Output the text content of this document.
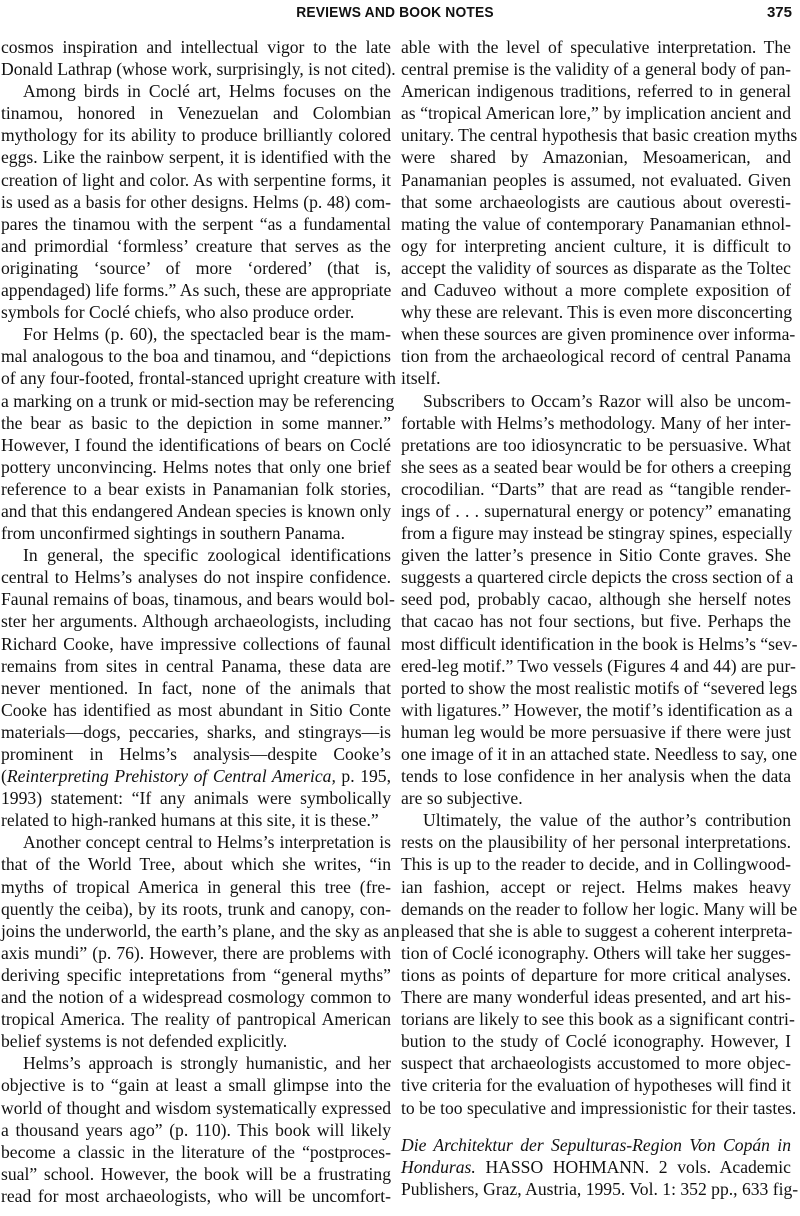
REVIEWS AND BOOK NOTES	375
cosmos inspiration and intellectual vigor to the late
Donald Lathrap (whose work, surprisingly, is not cited).
Among birds in Coclé art, Helms focuses on the
tinamou, honored in Venezuelan and Colombian
mythology for its ability to produce brilliantly colored
eggs. Like the rainbow serpent, it is identified with the
creation of light and color. As with serpentine forms, it
is used as a basis for other designs. Helms (p. 48) com-
pares the tinamou with the serpent “as a fundamental
and primordial ‘formless’ creature that serves as the
originating ‘source’ of more ‘ordered’ (that is,
appendaged) life forms.” As such, these are appropriate
symbols for Coclé chiefs, who also produce order.
For Helms (p. 60), the spectacled bear is the mam-
mal analogous to the boa and tinamou, and “depictions
of any four-footed, frontal-stanced upright creature with
a marking on a trunk or mid-section may be referencing
the bear as basic to the depiction in some manner.”
However, I found the identifications of bears on Coclé
pottery unconvincing. Helms notes that only one brief
reference to a bear exists in Panamanian folk stories,
and that this endangered Andean species is known only
from unconfirmed sightings in southern Panama.
In general, the specific zoological identifications
central to Helms’s analyses do not inspire confidence.
Faunal remains of boas, tinamous, and bears would bol-
ster her arguments. Although archaeologists, including
Richard Cooke, have impressive collections of faunal
remains from sites in central Panama, these data are
never mentioned. In fact, none of the animals that
Cooke has identified as most abundant in Sitio Conte
materials—dogs, peccaries, sharks, and stingrays—is
prominent in Helms’s analysis—despite Cooke’s
(Reinterpreting Prehistory of Central America, p. 195,
1993) statement: “If any animals were symbolically
related to high-ranked humans at this site, it is these.”
Another concept central to Helms’s interpretation is
that of the World Tree, about which she writes, “in
myths of tropical America in general this tree (fre-
quently the ceiba), by its roots, trunk and canopy, con-
joins the underworld, the earth’s plane, and the sky as an
axis mundi” (p. 76). However, there are problems with
deriving specific intepretations from “general myths”
and the notion of a widespread cosmology common to
tropical America. The reality of pantropical American
belief systems is not defended explicitly.
Helms’s approach is strongly humanistic, and her
objective is to “gain at least a small glimpse into the
world of thought and wisdom systematically expressed
a thousand years ago” (p. 110). This book will likely
become a classic in the literature of the “postproces-
sual” school. However, the book will be a frustrating
read for most archaeologists, who will be uncomfort-
able with the level of speculative interpretation. The
central premise is the validity of a general body of pan-
American indigenous traditions, referred to in general
as “tropical American lore,” by implication ancient and
unitary. The central hypothesis that basic creation myths
were shared by Amazonian, Mesoamerican, and
Panamanian peoples is assumed, not evaluated. Given
that some archaeologists are cautious about overesti-
mating the value of contemporary Panamanian ethnol-
ogy for interpreting ancient culture, it is difficult to
accept the validity of sources as disparate as the Toltec
and Caduveo without a more complete exposition of
why these are relevant. This is even more disconcerting
when these sources are given prominence over informa-
tion from the archaeological record of central Panama
itself.
Subscribers to Occam’s Razor will also be uncom-
fortable with Helms’s methodology. Many of her inter-
pretations are too idiosyncratic to be persuasive. What
she sees as a seated bear would be for others a creeping
crocodilian. “Darts” that are read as “tangible render-
ings of . . . supernatural energy or potency” emanating
from a figure may instead be stingray spines, especially
given the latter’s presence in Sitio Conte graves. She
suggests a quartered circle depicts the cross section of a
seed pod, probably cacao, although she herself notes
that cacao has not four sections, but five. Perhaps the
most difficult identification in the book is Helms’s “sev-
ered-leg motif.” Two vessels (Figures 4 and 44) are pur-
ported to show the most realistic motifs of “severed legs
with ligatures.” However, the motif’s identification as a
human leg would be more persuasive if there were just
one image of it in an attached state. Needless to say, one
tends to lose confidence in her analysis when the data
are so subjective.
Ultimately, the value of the author’s contribution
rests on the plausibility of her personal interpretations.
This is up to the reader to decide, and in Collingwood-
ian fashion, accept or reject. Helms makes heavy
demands on the reader to follow her logic. Many will be
pleased that she is able to suggest a coherent interpreta-
tion of Coclé iconography. Others will take her sugges-
tions as points of departure for more critical analyses.
There are many wonderful ideas presented, and art his-
torians are likely to see this book as a significant contri-
bution to the study of Coclé iconography. However, I
suspect that archaeologists accustomed to more objec-
tive criteria for the evaluation of hypotheses will find it
to be too speculative and impressionistic for their tastes.
Die Architektur der Sepulturas-Region Von Copán in
Honduras. HASSO HOHMANN. 2 vols. Academic
Publishers, Graz, Austria, 1995. Vol. 1: 352 pp., 633 fig-
